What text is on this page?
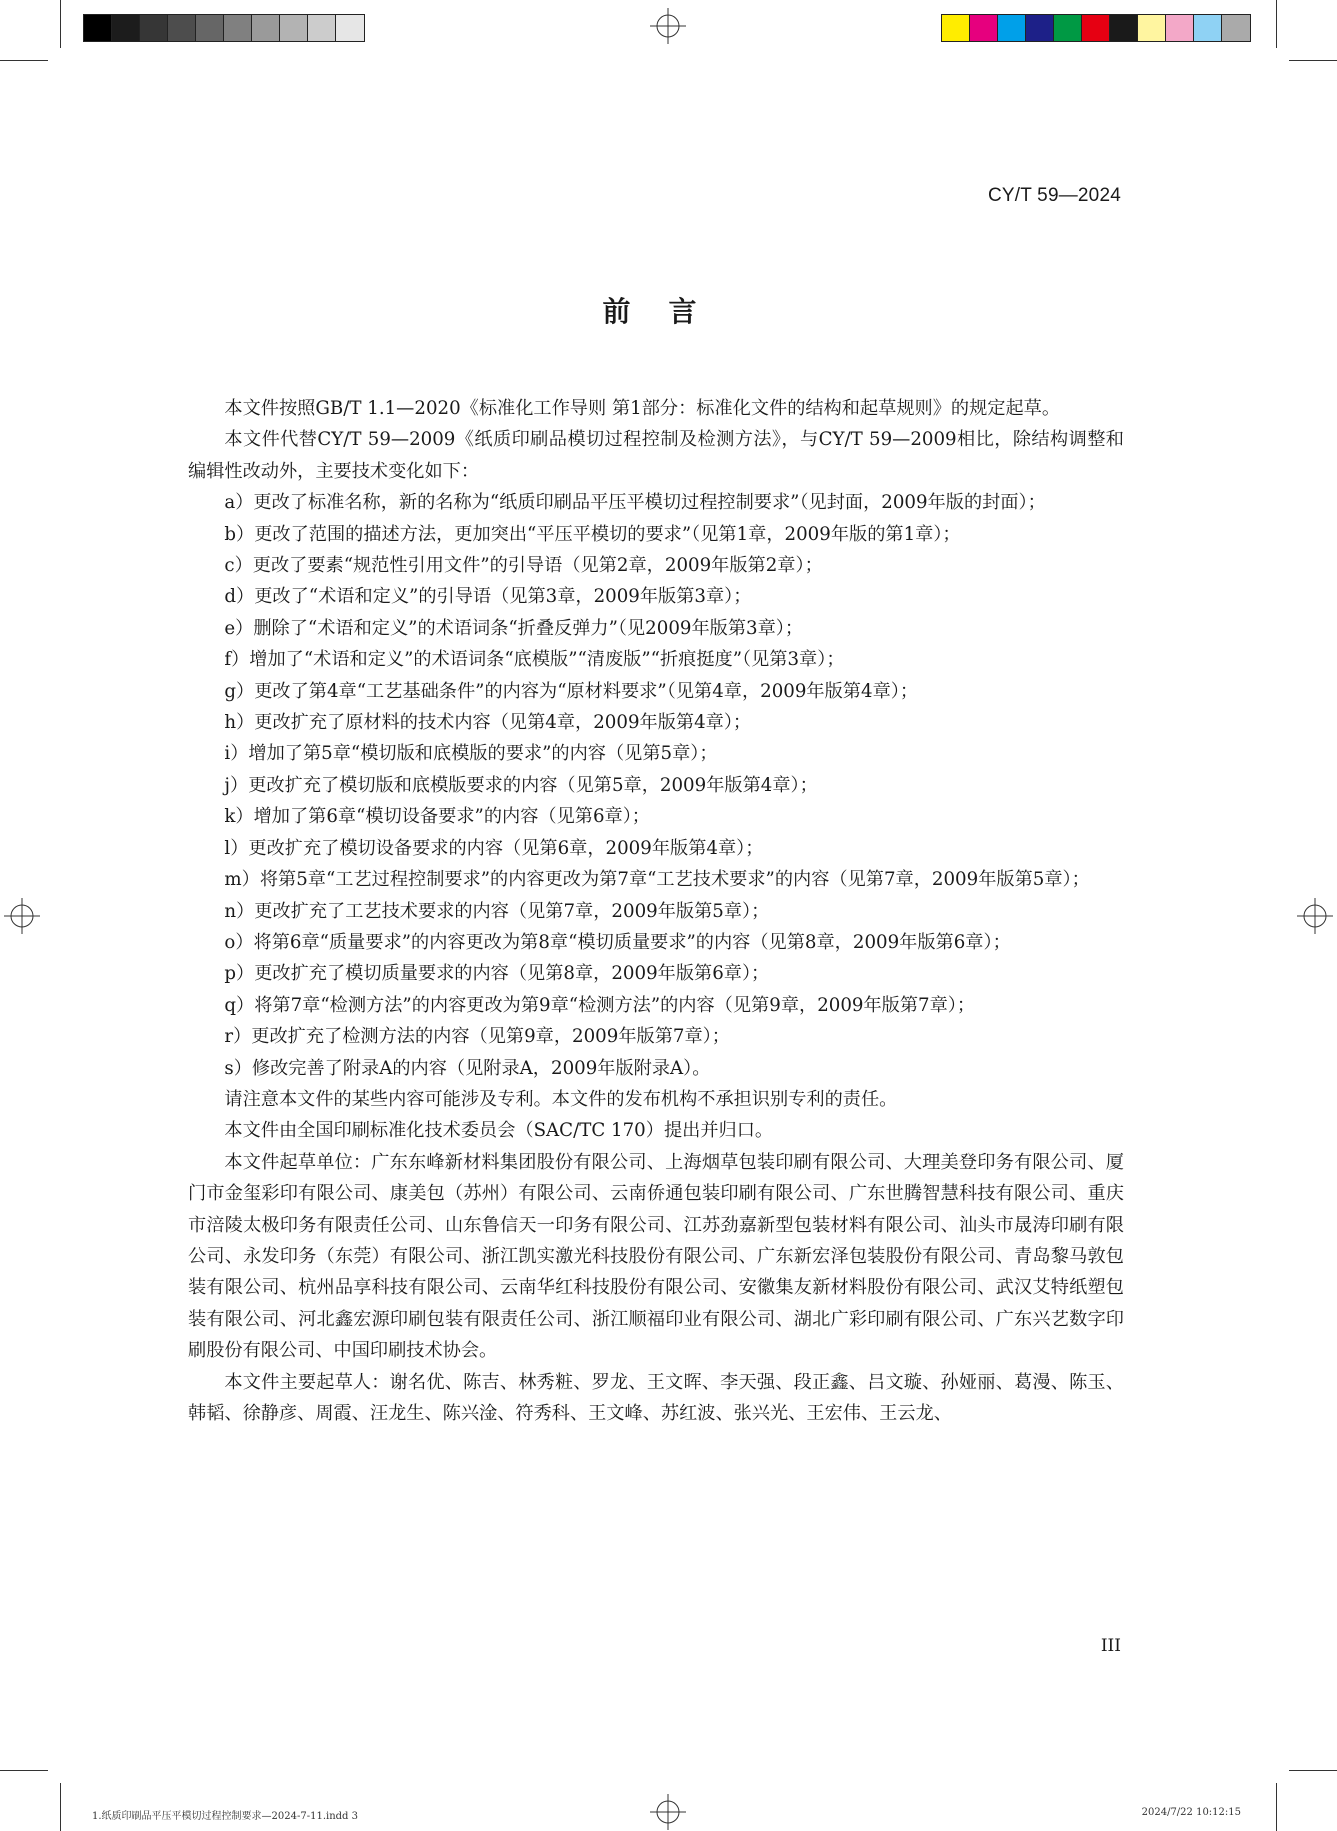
CY/T 59—2024
前言

本文件按照GB/T 1.1—2020《标准化工作导则 第1部分：标准化文件的结构和起草规则》的规定起草。

本文件代替CY/T 59—2009《纸质印刷品模切过程控制及检测方法》，与CY/T 59—2009相比，除结构调整和编辑性改动外，主要技术变化如下：

a）更改了标准名称，新的名称为“纸质印刷品平压平模切过程控制要求”（见封面，2009年版的封面）；

b）更改了范围的描述方法，更加突出“平压平模切的要求”（见第1章，2009年版的第1章）；

c）更改了要素“规范性引用文件”的引导语（见第2章，2009年版第2章）；

d）更改了“术语和定义”的引导语（见第3章，2009年版第3章）；

e）删除了“术语和定义”的术语词条“折叠反弹力”（见2009年版第3章）；

f）增加了“术语和定义”的术语词条“底模版”“清废版”“折痕挺度”（见第3章）；

g）更改了第4章“工艺基础条件”的内容为“原材料要求”（见第4章，2009年版第4章）；

h）更改扩充了原材料的技术内容（见第4章，2009年版第4章）；

i）增加了第5章“模切版和底模版的要求”的内容（见第5章）；

j）更改扩充了模切版和底模版要求的内容（见第5章，2009年版第4章）；

k）增加了第6章“模切设备要求”的内容（见第6章）；

l）更改扩充了模切设备要求的内容（见第6章，2009年版第4章）；

m）将第5章“工艺过程控制要求”的内容更改为第7章“工艺技术要求”的内容（见第7章，2009年版第5章）；

n）更改扩充了工艺技术要求的内容（见第7章，2009年版第5章）；

o）将第6章“质量要求”的内容更改为第8章“模切质量要求”的内容（见第8章，2009年版第6章）；

p）更改扩充了模切质量要求的内容（见第8章，2009年版第6章）；

q）将第7章“检测方法”的内容更改为第9章“检测方法”的内容（见第9章，2009年版第7章）；

r）更改扩充了检测方法的内容（见第9章，2009年版第7章）；

s）修改完善了附录A的内容（见附录A，2009年版附录A）。

请注意本文件的某些内容可能涉及专利。本文件的发布机构不承担识别专利的责任。

本文件由全国印刷标准化技术委员会（SAC/TC 170）提出并归口。

本文件起草单位：广东东峰新材料集团股份有限公司、上海烟草包装印刷有限公司、大理美登印务有限公司、厦门市金玺彩印有限公司、康美包（苏州）有限公司、云南侨通包装印刷有限公司、广东世腾智慧科技有限公司、重庆市涪陵太极印务有限责任公司、山东鲁信天一印务有限公司、江苏劲嘉新型包装材料有限公司、汕头市晟涛印刷有限公司、永发印务（东莞）有限公司、浙江凯实激光科技股份有限公司、广东新宏泽包装股份有限公司、青岛黎马敦包装有限公司、杭州品享科技有限公司、云南华红科技股份有限公司、安徽集友新材料股份有限公司、武汉艾特纸塑包装有限公司、河北鑫宏源印刷包装有限责任公司、浙江顺福印业有限公司、湖北广彩印刷有限公司、广东兴艺数字印刷股份有限公司、中国印刷技术协会。

本文件主要起草人：谢名优、陈吉、林秀粧、罗龙、王文晖、李天强、段正鑫、吕文璇、孙娅丽、葛漫、陈玉、韩韬、徐静彦、周霞、汪龙生、陈兴淦、符秀科、王文峰、苏红波、张兴光、王宏伟、王云龙、

III
1.纸质印刷品平压平模切过程控制要求—2024-7-11.indd 3	2024/7/22 10:12:15
